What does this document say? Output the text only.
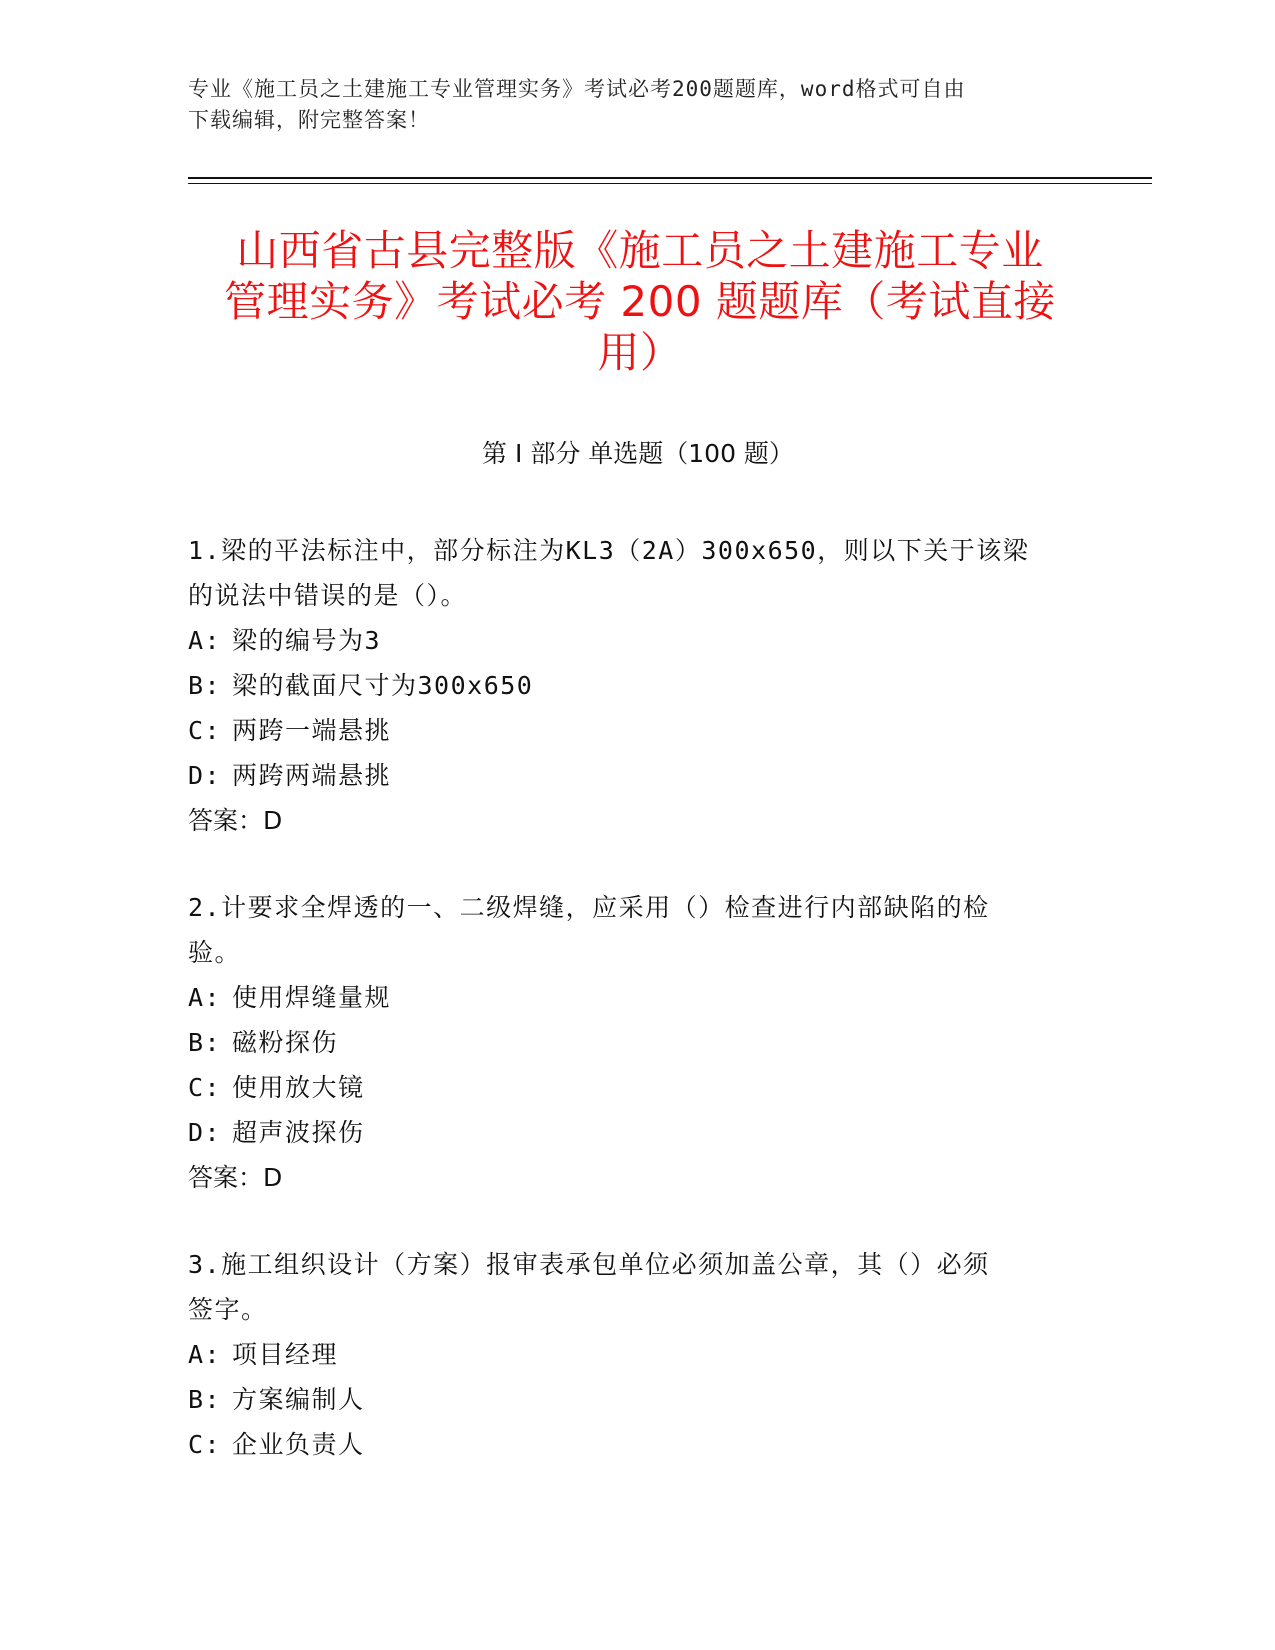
专业《施工员之土建施工专业管理实务》考试必考200题题库，word格式可自由
下载编辑，附完整答案！
山西省古县完整版《施工员之土建施工专业
管理实务》考试必考 200 题题库（考试直接
用）
第 I 部分 单选题（100 题）
1.梁的平法标注中，部分标注为KL3（2A）300x650，则以下关于该梁
的说法中错误的是（）。
A: 梁的编号为3
B: 梁的截面尺寸为300x650
C: 两跨一端悬挑
D: 两跨两端悬挑
答案：D
2.计要求全焊透的一、二级焊缝，应采用（）检查进行内部缺陷的检
验。
A: 使用焊缝量规
B: 磁粉探伤
C: 使用放大镜
D: 超声波探伤
答案：D
3.施工组织设计（方案）报审表承包单位必须加盖公章，其（）必须
签字。
A: 项目经理
B: 方案编制人
C: 企业负责人
